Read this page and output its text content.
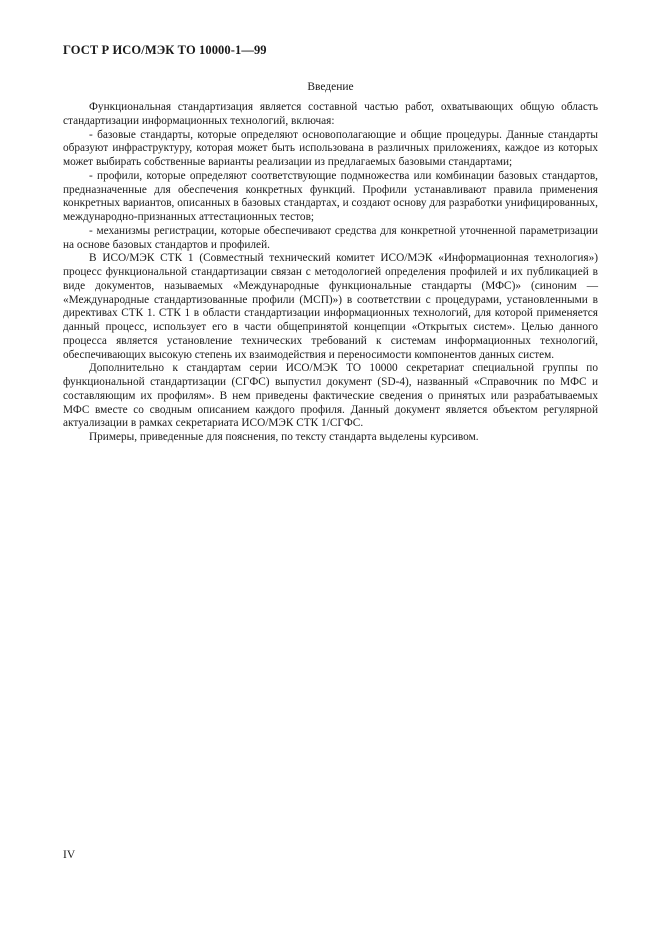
ГОСТ Р ИСО/МЭК ТО 10000-1—99
Введение

Функциональная стандартизация является составной частью работ, охватывающих общую область стандартизации информационных технологий, включая:

- базовые стандарты, которые определяют основополагающие и общие процедуры. Данные стандарты образуют инфраструктуру, которая может быть использована в различных приложениях, каждое из которых может выбирать собственные варианты реализации из предлагаемых базовыми стандартами;

- профили, которые определяют соответствующие подмножества или комбинации базовых стандартов, предназначенные для обеспечения конкретных функций. Профили устанавливают правила применения конкретных вариантов, описанных в базовых стандартах, и создают основу для разработки унифицированных, международно-признанных аттестационных тестов;

- механизмы регистрации, которые обеспечивают средства для конкретной уточненной параметризации на основе базовых стандартов и профилей.

В ИСО/МЭК СТК 1 (Совместный технический комитет ИСО/МЭК «Информационная технология») процесс функциональной стандартизации связан с методологией определения профилей и их публикацией в виде документов, называемых «Международные функциональные стандарты (МФС)» (синоним — «Международные стандартизованные профили (МСП)») в соответствии с процедурами, установленными в директивах СТК 1. СТК 1 в области стандартизации информационных технологий, для которой применяется данный процесс, использует его в части общепринятой концепции «Открытых систем». Целью данного процесса является установление технических требований к системам информационных технологий, обеспечивающих высокую степень их взаимодействия и переносимости компонентов данных систем.

Дополнительно к стандартам серии ИСО/МЭК ТО 10000 секретариат специальной группы по функциональной стандартизации (СГФС) выпустил документ (SD-4), названный «Справочник по МФС и составляющим их профилям». В нем приведены фактические сведения о принятых или разрабатываемых МФС вместе со сводным описанием каждого профиля. Данный документ является объектом регулярной актуализации в рамках секретариата ИСО/МЭК СТК 1/СГФС.

Примеры, приведенные для пояснения, по тексту стандарта выделены курсивом.

IV
